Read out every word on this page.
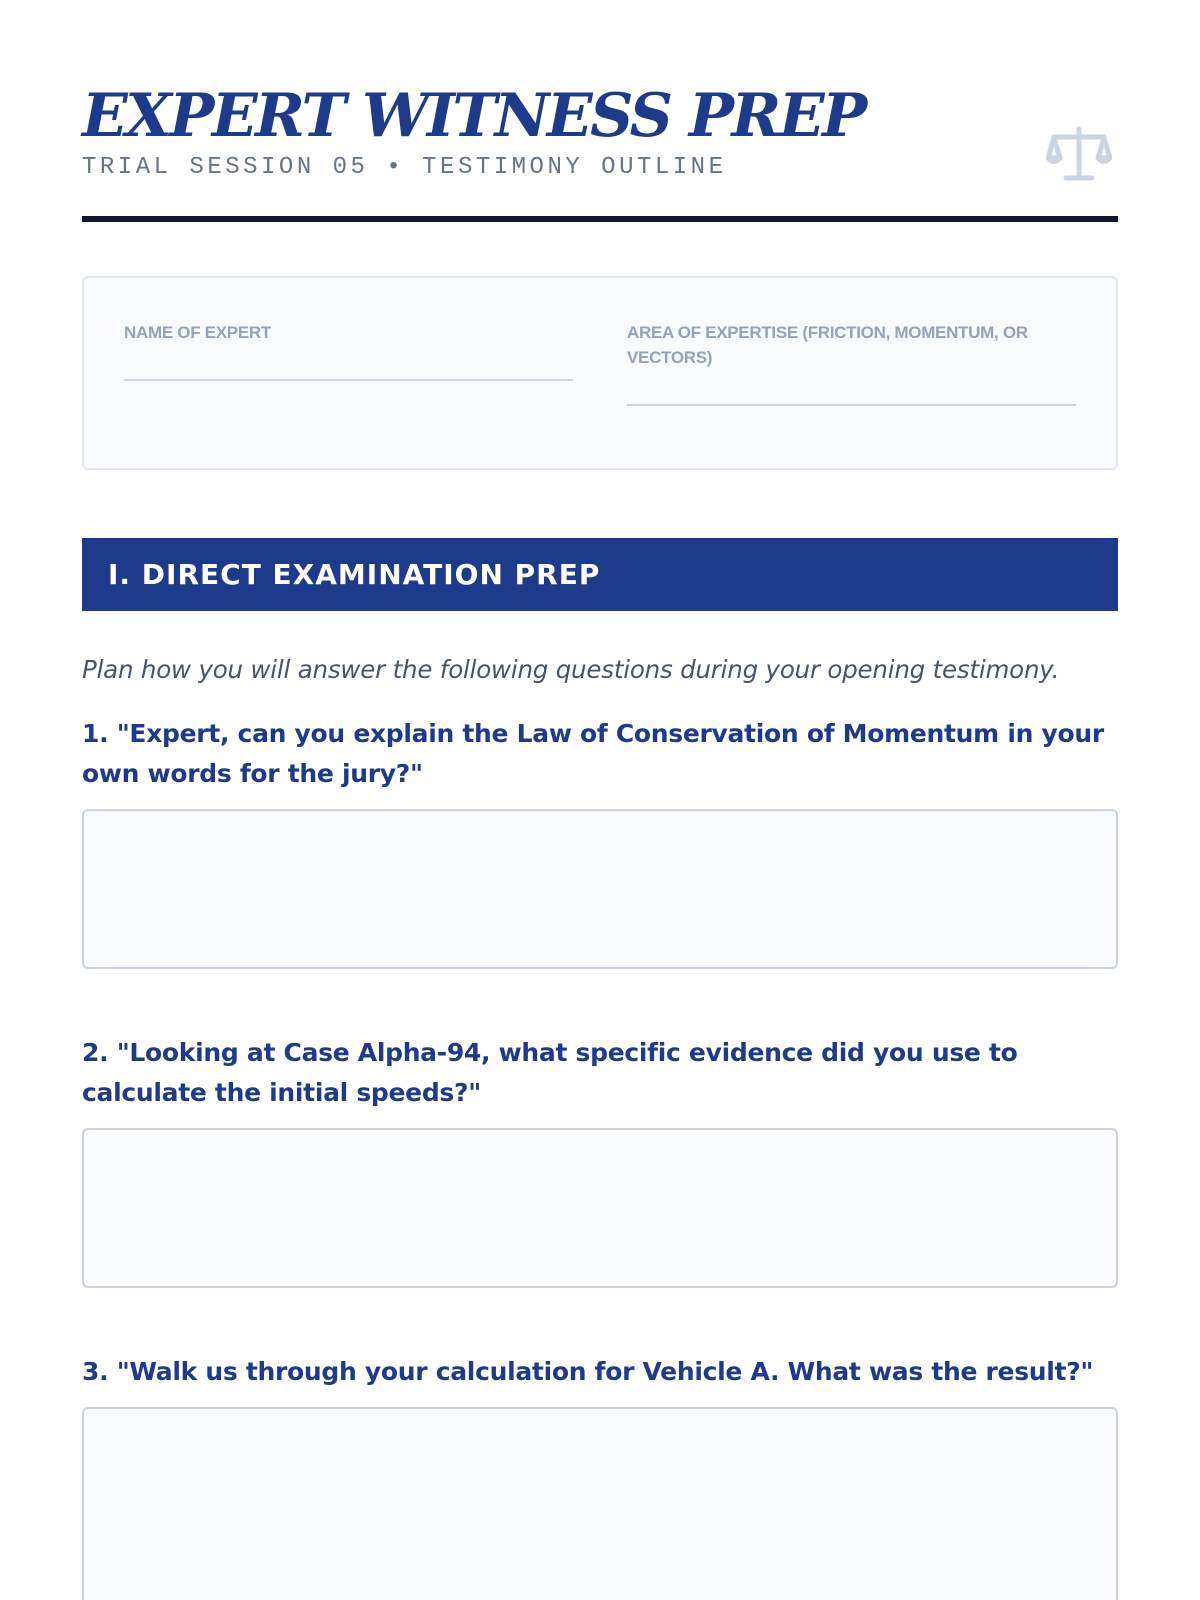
EXPERT WITNESS PREP
TRIAL SESSION 05 • TESTIMONY OUTLINE
NAME OF EXPERT	AREA OF EXPERTISE (FRICTION, MOMENTUM, OR VECTORS)
I. DIRECT EXAMINATION PREP
Plan how you will answer the following questions during your opening testimony.
1. "Expert, can you explain the Law of Conservation of Momentum in your own words for the jury?"
2. "Looking at Case Alpha-94, what specific evidence did you use to calculate the initial speeds?"
3. "Walk us through your calculation for Vehicle A. What was the result?"
